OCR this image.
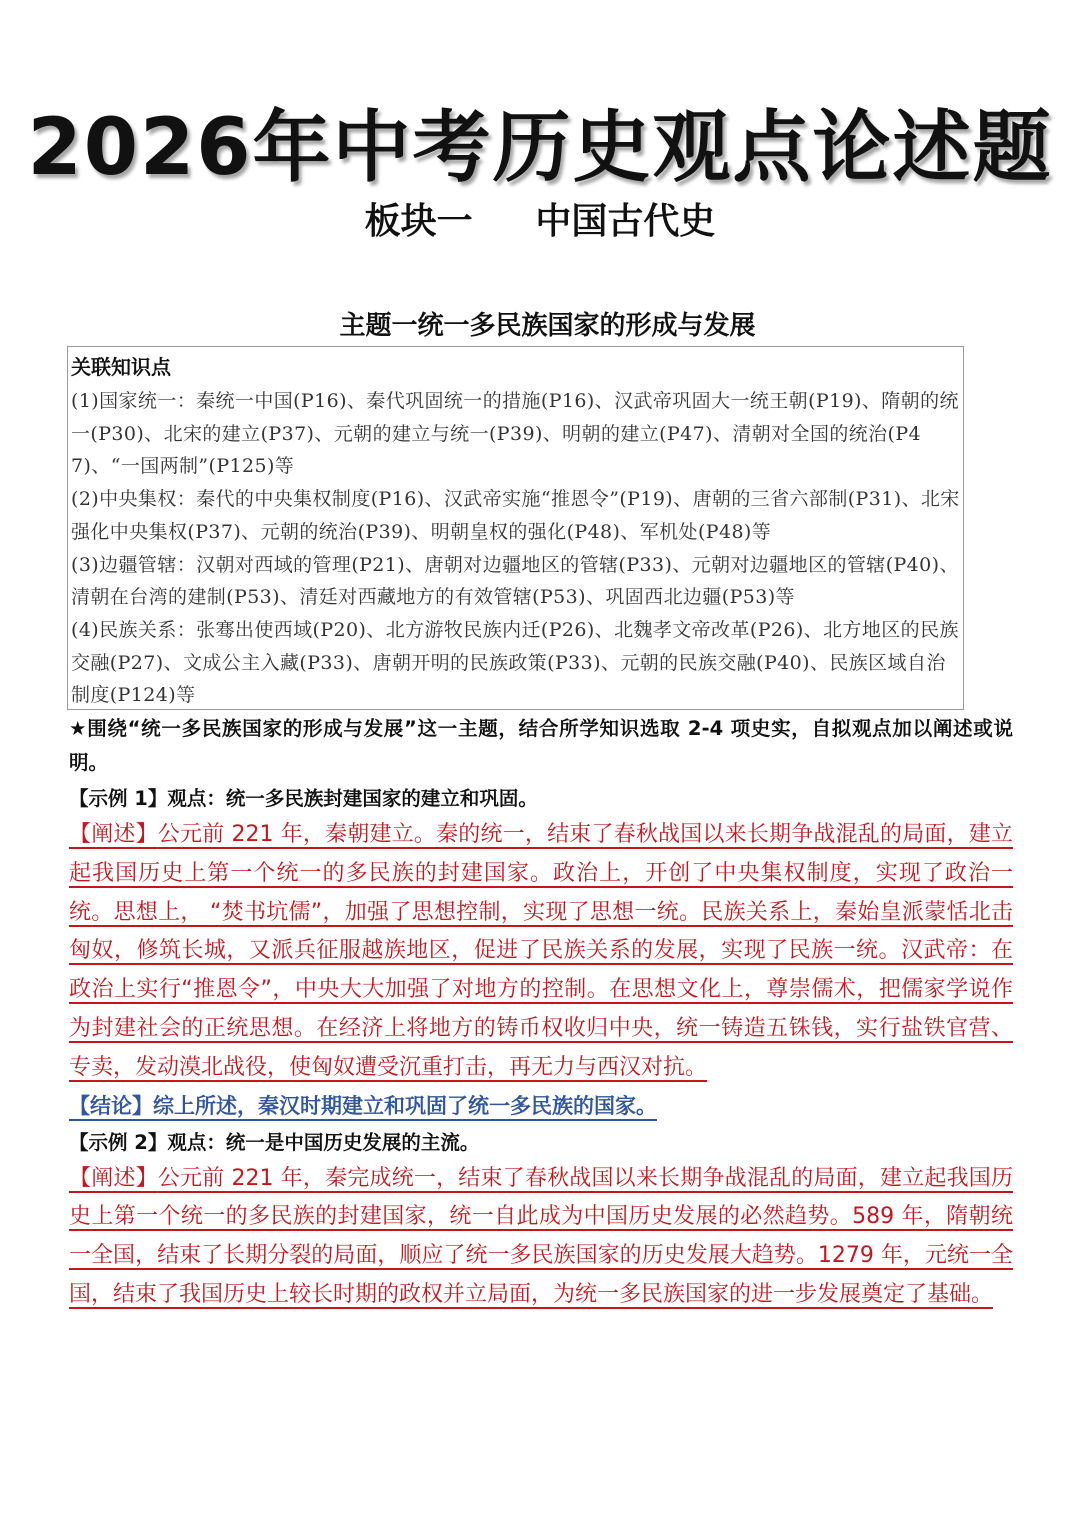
2026年中考历史观点论述题
板块一     中国古代史
主题一统一多民族国家的形成与发展
关联知识点
(1)国家统一：秦统一中国(P16)、秦代巩固统一的措施(P16)、汉武帝巩固大一统王朝(P19)、隋朝的统一(P30)、北宋的建立(P37)、元朝的建立与统一(P39)、明朝的建立(P47)、清朝对全国的统治(P47)、“一国两制”(P125)等
(2)中央集权：秦代的中央集权制度(P16)、汉武帝实施“推恩令”(P19)、唐朝的三省六部制(P31)、北宋强化中央集权(P37)、元朝的统治(P39)、明朝皇权的强化(P48)、军机处(P48)等
(3)边疆管辖：汉朝对西域的管理(P21)、唐朝对边疆地区的管辖(P33)、元朝对边疆地区的管辖(P40)、清朝在台湾的建制(P53)、清廷对西藏地方的有效管辖(P53)、巩固西北边疆(P53)等
(4)民族关系：张骞出使西域(P20)、北方游牧民族内迁(P26)、北魏孝文帝改革(P26)、北方地区的民族交融(P27)、文成公主入藏(P33)、唐朝开明的民族政策(P33)、元朝的民族交融(P40)、民族区域自治制度(P124)等
★围绕“统一多民族国家的形成与发展”这一主题，结合所学知识选取 2-4 项史实，自拟观点加以阐述或说明。
【示例 1】观点：统一多民族封建国家的建立和巩固。
【阐述】公元前 221 年，秦朝建立。秦的统一，结束了春秋战国以来长期争战混乱的局面，建立起我国历史上第一个统一的多民族的封建国家。政治上，开创了中央集权制度，实现了政治一统。思想上， “焚书坑儒”，加强了思想控制，实现了思想一统。民族关系上，秦始皇派蒙恬北击匈奴，修筑长城，又派兵征服越族地区，促进了民族关系的发展，实现了民族一统。汉武帝：在政治上实行“推恩令”，中央大大加强了对地方的控制。在思想文化上，尊崇儒术，把儒家学说作为封建社会的正统思想。在经济上将地方的铸币权收归中央，统一铸造五铢钱，实行盐铁官营、专卖，发动漠北战役，使匈奴遭受沉重打击，再无力与西汉对抗。
【结论】综上所述，秦汉时期建立和巩固了统一多民族的国家。
【示例 2】观点：统一是中国历史发展的主流。
【阐述】公元前 221 年，秦完成统一，结束了春秋战国以来长期争战混乱的局面，建立起我国历史上第一个统一的多民族的封建国家，统一自此成为中国历史发展的必然趋势。589 年，隋朝统一全国，结束了长期分裂的局面，顺应了统一多民族国家的历史发展大趋势。1279 年，元统一全国，结束了我国历史上较长时期的政权并立局面，为统一多民族国家的进一步发展奠定了基础。
